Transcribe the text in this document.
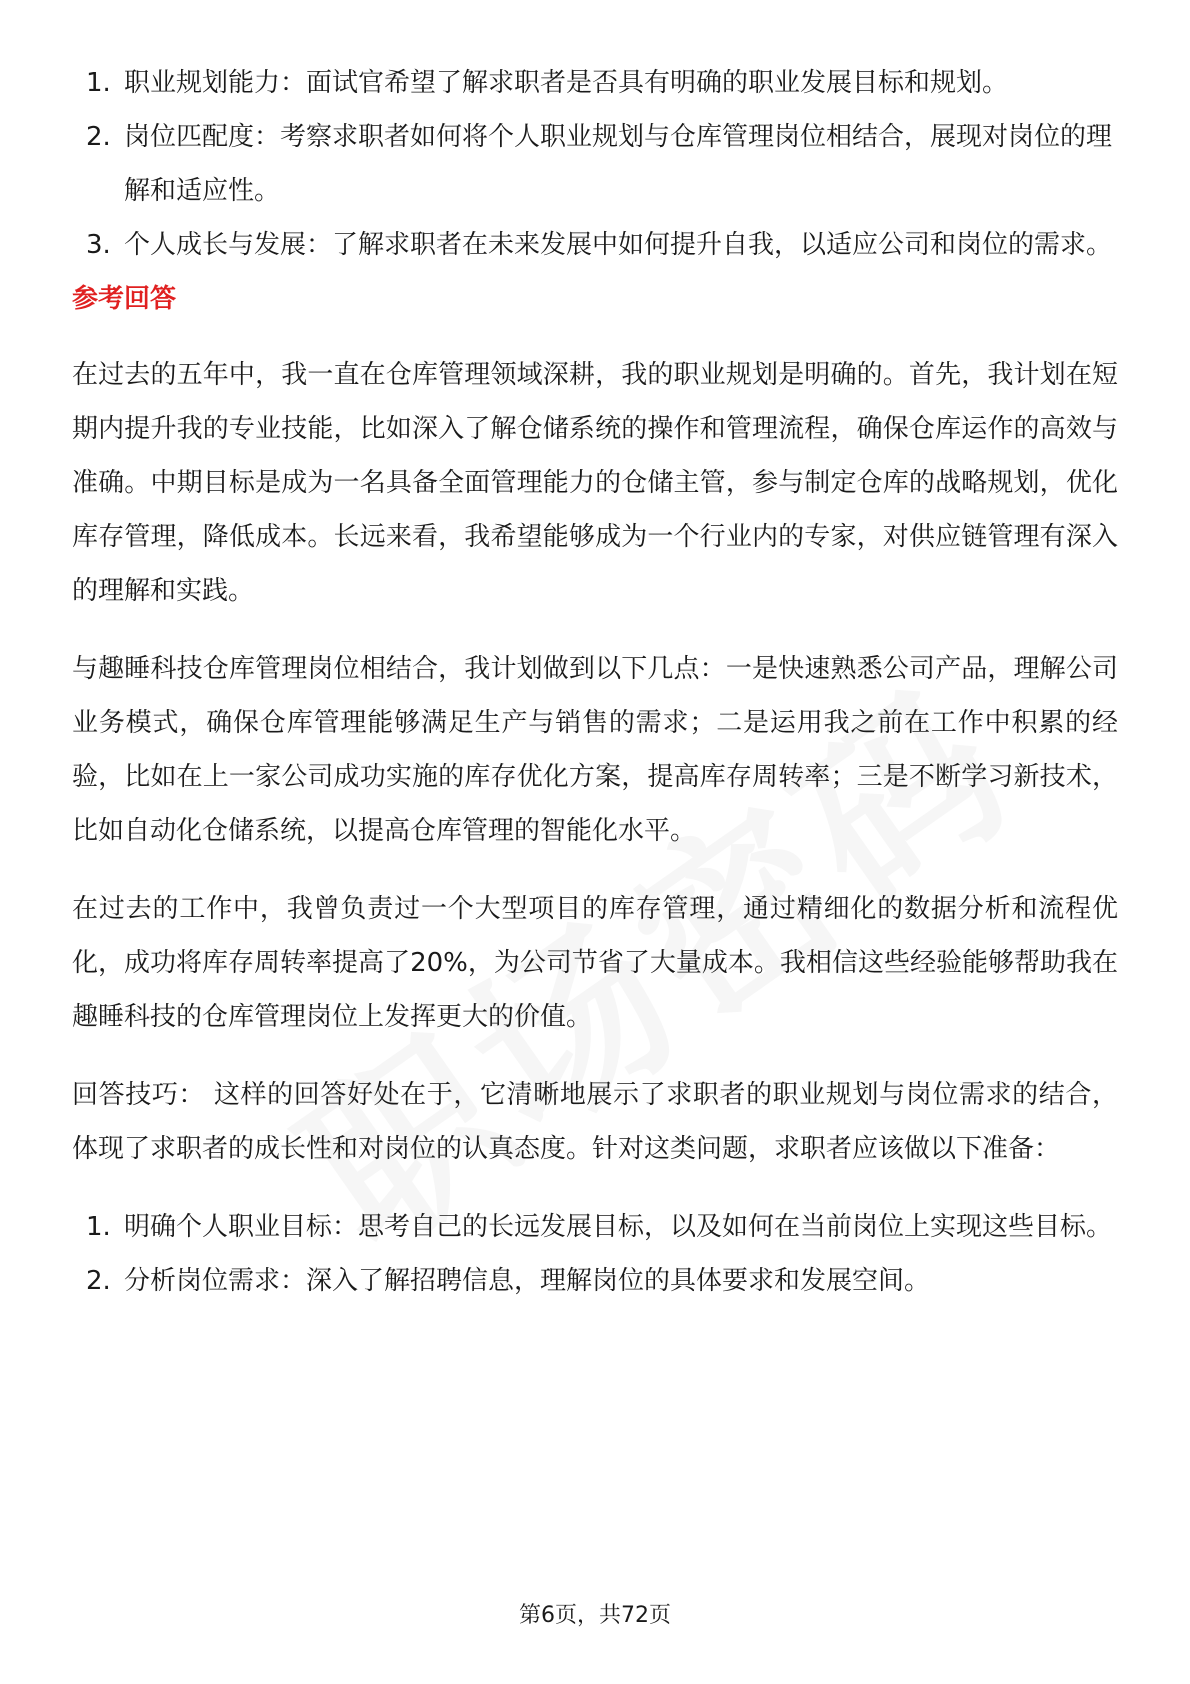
1. 职业规划能力：面试官希望了解求职者是否具有明确的职业发展目标和规划。
2. 岗位匹配度：考察求职者如何将个人职业规划与仓库管理岗位相结合，展现对岗位的理解和适应性。
3. 个人成长与发展：了解求职者在未来发展中如何提升自我，以适应公司和岗位的需求。
参考回答

在过去的五年中，我一直在仓库管理领域深耕，我的职业规划是明确的。首先，我计划在短期内提升我的专业技能，比如深入了解仓储系统的操作和管理流程，确保仓库运作的高效与准确。中期目标是成为一名具备全面管理能力的仓储主管，参与制定仓库的战略规划，优化库存管理，降低成本。长远来看，我希望能够成为一个行业内的专家，对供应链管理有深入的理解和实践。

与趣睡科技仓库管理岗位相结合，我计划做到以下几点：一是快速熟悉公司产品，理解公司业务模式，确保仓库管理能够满足生产与销售的需求；二是运用我之前在工作中积累的经验，比如在上一家公司成功实施的库存优化方案，提高库存周转率；三是不断学习新技术，比如自动化仓储系统，以提高仓库管理的智能化水平。

在过去的工作中，我曾负责过一个大型项目的库存管理，通过精细化的数据分析和流程优化，成功将库存周转率提高了20%，为公司节省了大量成本。我相信这些经验能够帮助我在趣睡科技的仓库管理岗位上发挥更大的价值。

回答技巧： 这样的回答好处在于，它清晰地展示了求职者的职业规划与岗位需求的结合，体现了求职者的成长性和对岗位的认真态度。针对这类问题，求职者应该做以下准备：

1. 明确个人职业目标：思考自己的长远发展目标，以及如何在当前岗位上实现这些目标。
2. 分析岗位需求：深入了解招聘信息，理解岗位的具体要求和发展空间。
第6页，共72页
